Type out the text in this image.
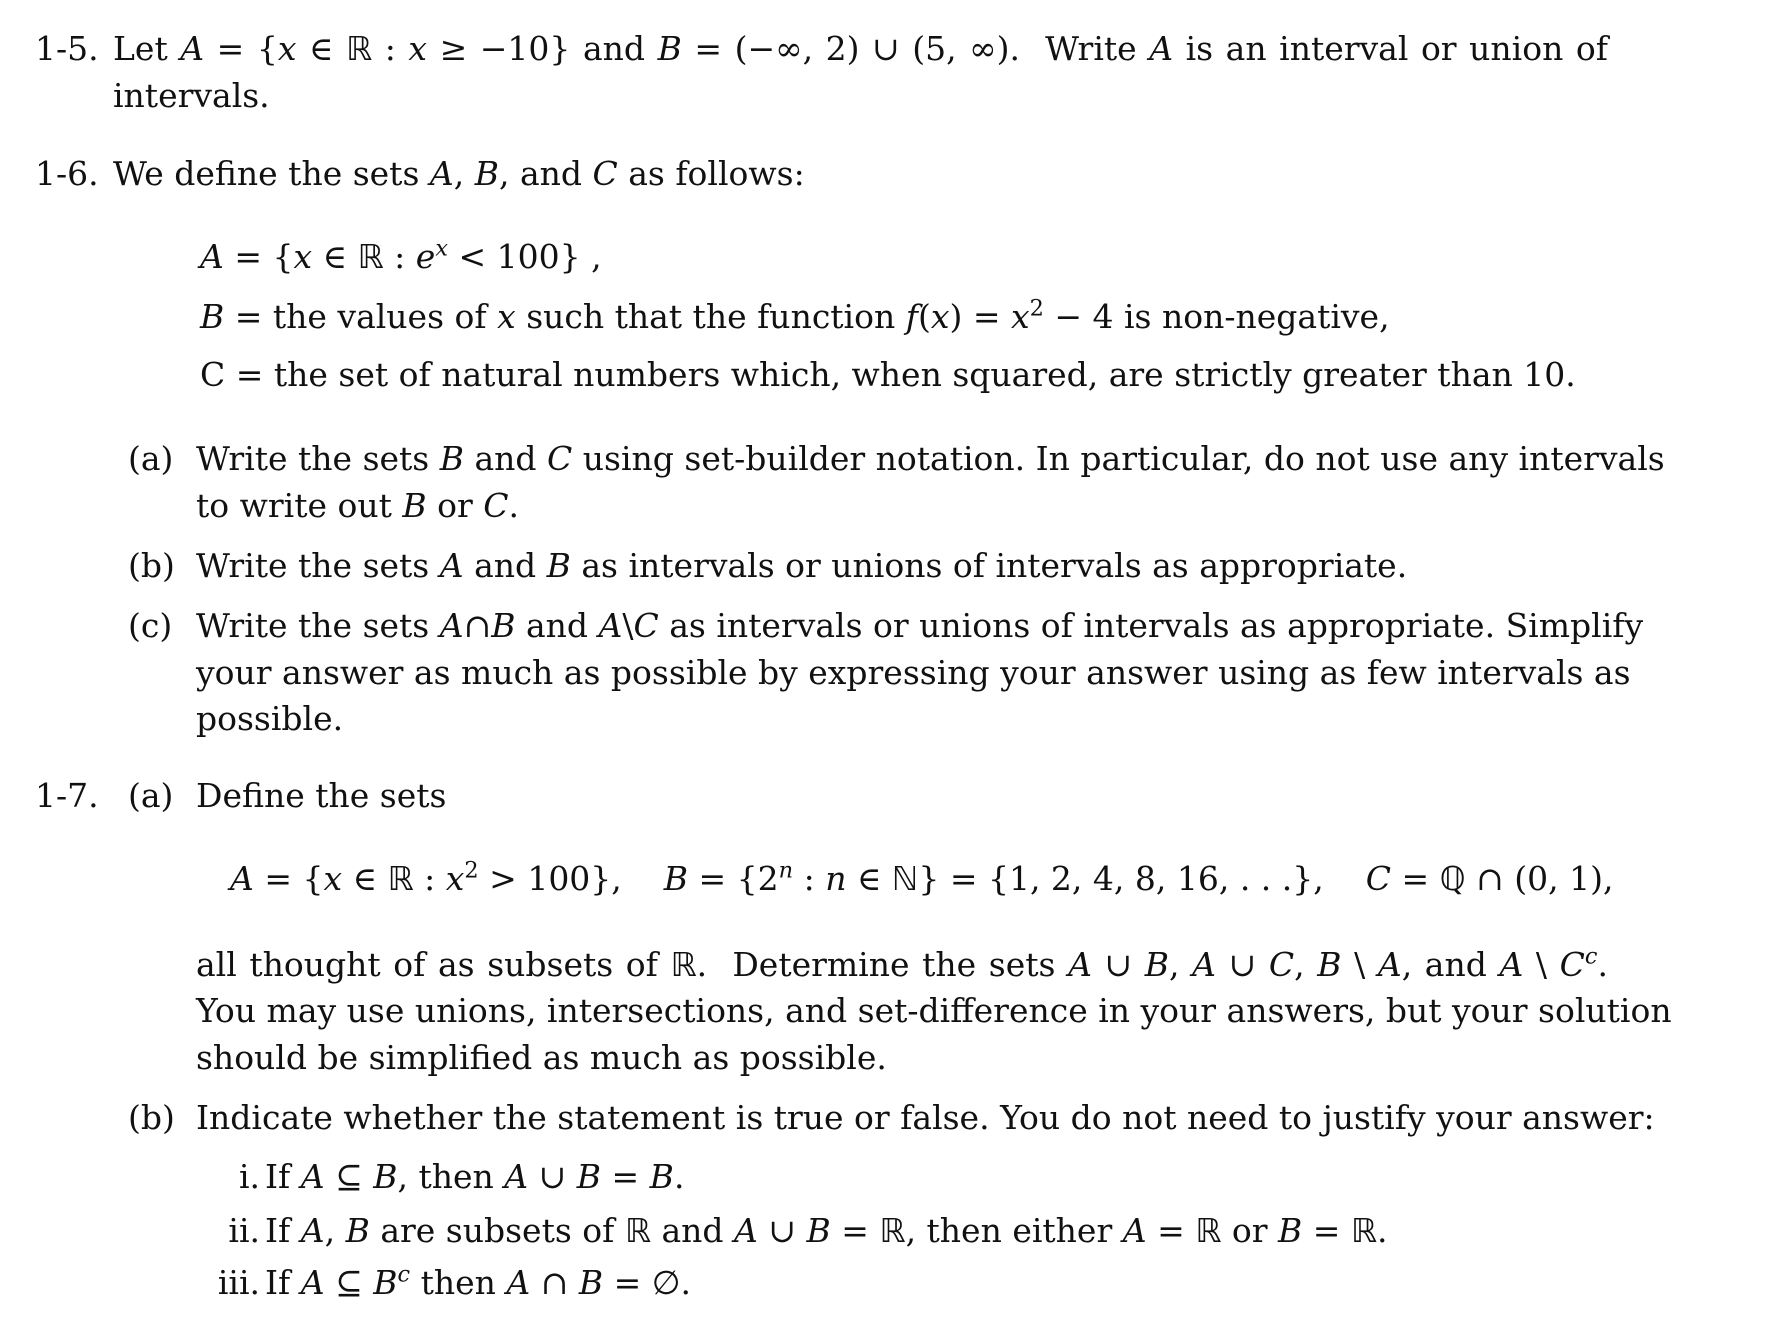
1-5. Let A = {x ∈ ℝ : x ≥ −10} and B = (−∞, 2) ∪ (5, ∞).  Write A is an interval or union of
intervals.
1-6. We define the sets A, B, and C as follows:
A = {x ∈ ℝ : $e^x < 100$} ,
B = the values of x such that the function $f(x) = x^2 - 4$ is non-negative,
C = the set of natural numbers which, when squared, are strictly greater than 10.
(a) Write the sets B and C using set-builder notation. In particular, do not use any intervals
to write out B or C.
(b) Write the sets A and B as intervals or unions of intervals as appropriate.
(c) Write the sets A∩B and A\C as intervals or unions of intervals as appropriate. Simplify
your answer as much as possible by expressing your answer using as few intervals as
possible.
1-7. (a) Define the sets
A = {x ∈ ℝ : $x^2 > 100$},    $B = \{2^n$ : n ∈ ℕ} = {1, 2, 4, 8, 16, . . .},    C = ℚ ∩ (0, 1),
all thought of as subsets of ℝ.  Determine the sets A ∪ B, A ∪ C, B \ A, and A \ $C^c$.
You may use unions, intersections, and set-difference in your answers, but your solution
should be simplified as much as possible.
(b) Indicate whether the statement is true or false. You do not need to justify your answer:
i. If A ⊆ B, then A ∪ B = B.
ii. If A, B are subsets of ℝ and A ∪ B = ℝ, then either A = ℝ or B = ℝ.
iii. If A ⊆ $B^c$ then A ∩ B = ∅.
